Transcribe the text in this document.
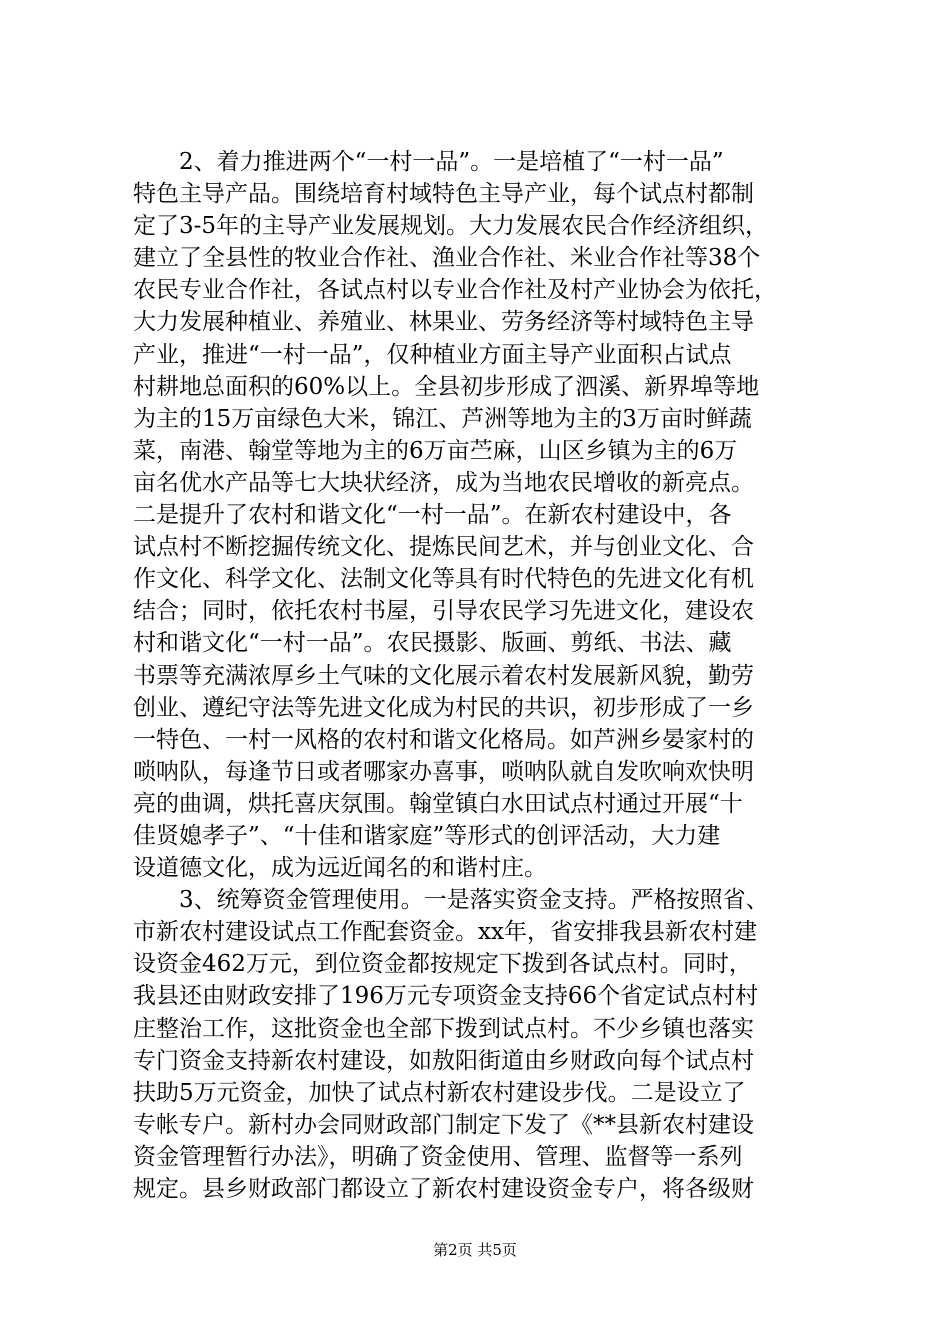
2、着力推进两个“一村一品”。一是培植了“一村一品”
特色主导产品。围绕培育村域特色主导产业，每个试点村都制
定了3-5年的主导产业发展规划。大力发展农民合作经济组织，
建立了全县性的牧业合作社、渔业合作社、米业合作社等38个
农民专业合作社，各试点村以专业合作社及村产业协会为依托，
大力发展种植业、养殖业、林果业、劳务经济等村域特色主导
产业，推进“一村一品”，仅种植业方面主导产业面积占试点
村耕地总面积的60%以上。全县初步形成了泗溪、新界埠等地
为主的15万亩绿色大米，锦江、芦洲等地为主的3万亩时鲜蔬
菜，南港、翰堂等地为主的6万亩苎麻，山区乡镇为主的6万
亩名优水产品等七大块状经济，成为当地农民增收的新亮点。
二是提升了农村和谐文化“一村一品”。在新农村建设中，各
试点村不断挖掘传统文化、提炼民间艺术，并与创业文化、合
作文化、科学文化、法制文化等具有时代特色的先进文化有机
结合；同时，依托农村书屋，引导农民学习先进文化，建设农
村和谐文化“一村一品”。农民摄影、版画、剪纸、书法、藏
书票等充满浓厚乡土气味的文化展示着农村发展新风貌，勤劳
创业、遵纪守法等先进文化成为村民的共识，初步形成了一乡
一特色、一村一风格的农村和谐文化格局。如芦洲乡晏家村的
唢呐队，每逢节日或者哪家办喜事，唢呐队就自发吹响欢快明
亮的曲调，烘托喜庆氛围。翰堂镇白水田试点村通过开展“十
佳贤媳孝子”、“十佳和谐家庭”等形式的创评活动，大力建
设道德文化，成为远近闻名的和谐村庄。
3、统筹资金管理使用。一是落实资金支持。严格按照省、
市新农村建设试点工作配套资金。xx年，省安排我县新农村建
设资金462万元，到位资金都按规定下拨到各试点村。同时，
我县还由财政安排了196万元专项资金支持66个省定试点村村
庄整治工作，这批资金也全部下拨到试点村。不少乡镇也落实
专门资金支持新农村建设，如敖阳街道由乡财政向每个试点村
扶助5万元资金，加快了试点村新农村建设步伐。二是设立了
专帐专户。新村办会同财政部门制定下发了《**县新农村建设
资金管理暂行办法》，明确了资金使用、管理、监督等一系列
规定。县乡财政部门都设立了新农村建设资金专户，将各级财
第2页 共5页
